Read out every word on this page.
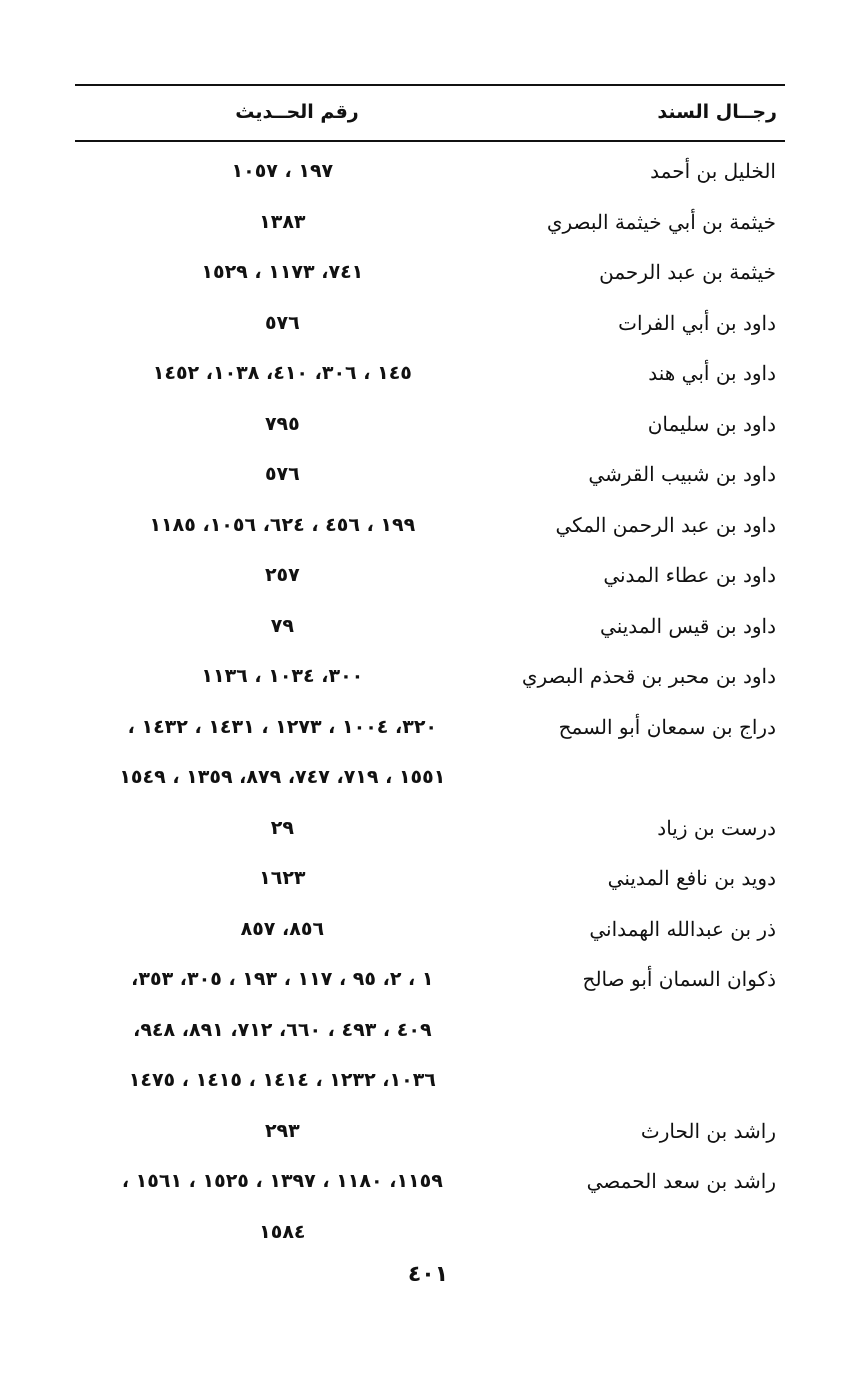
رجــال السند
رقم الحــديث
الخليل بن أحمد
١٩٧ ، ١٠٥٧
خيثمة بن أبي خيثمة البصري
١٣٨٣
خيثمة بن عبد الرحمن
٧٤١، ١١٧٣ ، ١٥٢٩
داود بن أبي الفرات
٥٧٦
داود بن أبي هند
١٤٥ ، ٣٠٦، ٤١٠، ١٠٣٨، ١٤٥٢
داود بن سليمان
٧٩٥
داود بن شبيب القرشي
٥٧٦
داود بن عبد الرحمن المكي
١٩٩ ، ٤٥٦ ، ٦٢٤، ١٠٥٦، ١١٨٥
داود بن عطاء المدني
٢٥٧
داود بن قيس المديني
٧٩
داود بن محبر بن قحذم البصري
٣٠٠، ١٠٣٤ ، ١١٣٦
دراج بن سمعان أبو السمح
٣٢٠، ١٠٠٤ ، ١٢٧٣ ، ١٤٣١ ، ١٤٣٢ ،
١٥٥١ ، ٧١٩، ٧٤٧، ٨٧٩، ١٣٥٩ ، ١٥٤٩
درست بن زياد
٢٩
دويد بن نافع المديني
١٦٢٣
ذر بن عبدالله الهمداني
٨٥٦، ٨٥٧
ذكوان السمان أبو صالح
١ ، ٢، ٩٥ ، ١١٧ ، ١٩٣ ، ٣٠٥، ٣٥٣،
٤٠٩ ، ٤٩٣ ، ٦٦٠، ٧١٢، ٨٩١، ٩٤٨،
١٠٣٦، ١٢٣٢ ، ١٤١٤ ، ١٤١٥ ، ١٤٧٥
راشد بن الحارث
٢٩٣
راشد بن سعد الحمصي
١١٥٩، ١١٨٠ ، ١٣٩٧ ، ١٥٢٥ ، ١٥٦١ ،
١٥٨٤
٤٠١
